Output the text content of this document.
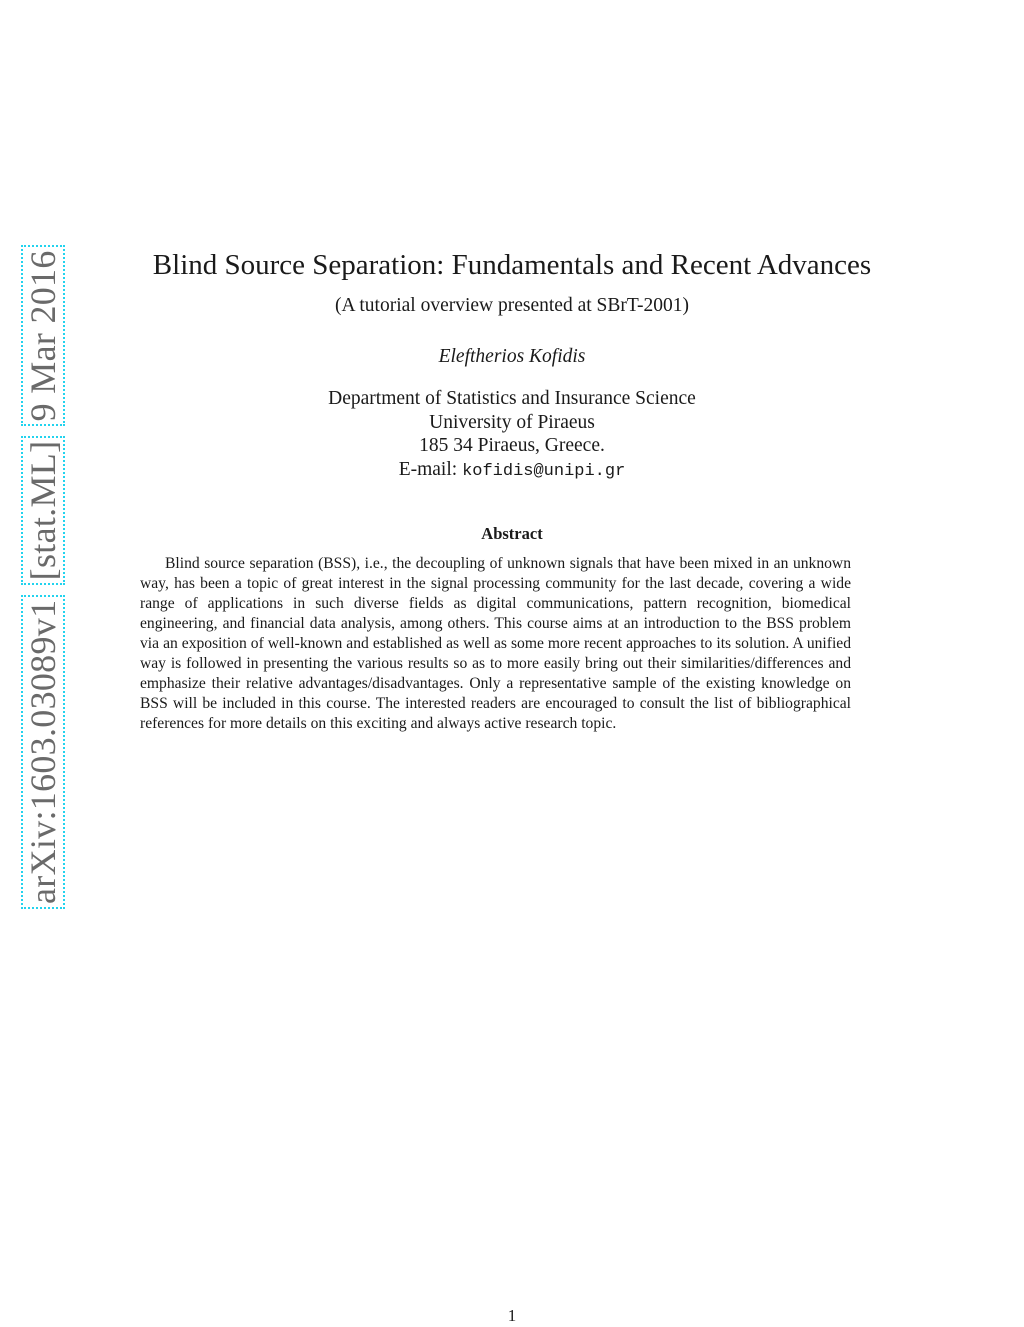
arXiv:1603.03089v1 [stat.ML] 9 Mar 2016	Blind Source Separation: Fundamentals and Recent Advances
(A tutorial overview presented at SBrT-2001)
Eleftherios Kofidis
Department of Statistics and Insurance Science
University of Piraeus
185 34 Piraeus, Greece.
E-mail: kofidis@unipi.gr
Abstract

Blind source separation (BSS), i.e., the decoupling of unknown signals that have been mixed in an unknown way, has been a topic of great interest in the signal processing community for the last decade, covering a wide range of applications in such diverse fields as digital communications, pattern recognition, biomedical engineering, and financial data analysis, among others. This course aims at an introduction to the BSS problem via an exposition of well-known and established as well as some more recent approaches to its solution. A unified way is followed in presenting the various results so as to more easily bring out their similarities/differences and emphasize their relative advantages/disadvantages. Only a representative sample of the existing knowledge on BSS will be included in this course. The interested readers are encouraged to consult the list of bibliographical references for more details on this exciting and always active research topic.

1
